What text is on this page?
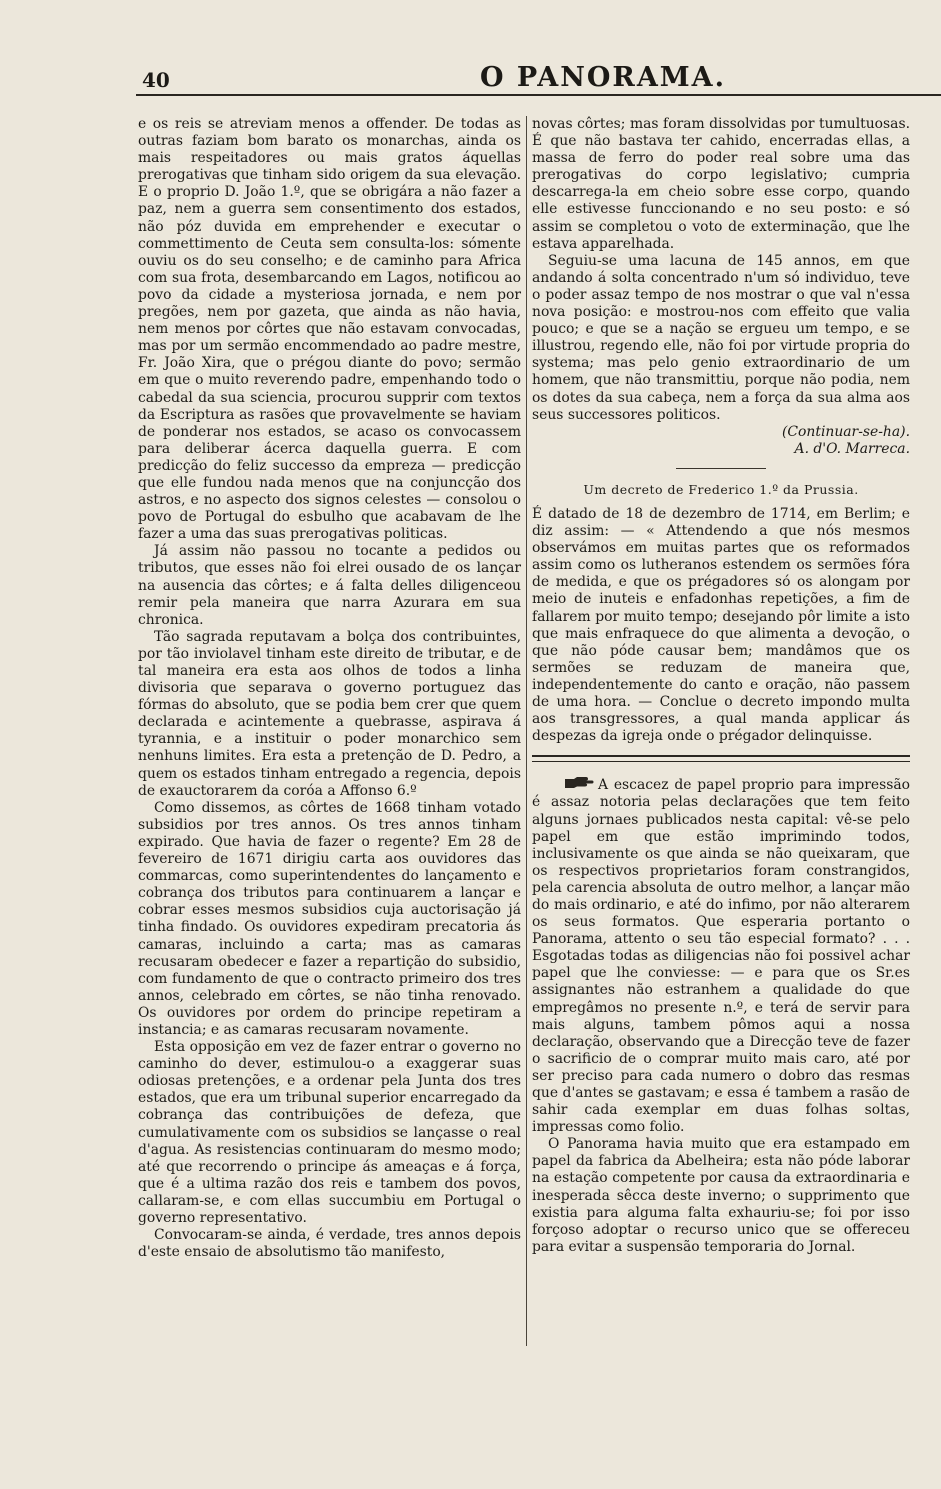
40	O PANORAMA.

e os reis se atreviam menos a offender. De todas as outras faziam bom barato os monarchas, ainda os mais respeitadores ou mais gratos áquellas prerogativas que tinham sido origem da sua elevação. E o proprio D. João 1.º, que se obrigára a não fazer a paz, nem a guerra sem consentimento dos estados, não póz duvida em emprehender e executar o commettimento de Ceuta sem consulta-los: sómente ouviu os do seu conselho; e de caminho para Africa com sua frota, desembarcando em Lagos, notificou ao povo da cidade a mysteriosa jornada, e nem por pregões, nem por gazeta, que ainda as não havia, nem menos por côrtes que não estavam convocadas, mas por um sermão encommendado ao padre mestre, Fr. João Xira, que o prégou diante do povo; sermão em que o muito reverendo padre, empenhando todo o cabedal da sua sciencia, procurou supprir com textos da Escriptura as rasões que provavelmente se haviam de ponderar nos estados, se acaso os convocassem para deliberar ácerca daquella guerra. E com predicção do feliz successo da empreza — predicção que elle fundou nada menos que na conjuncção dos astros, e no aspecto dos signos celestes — consolou o povo de Portugal do esbulho que acabavam de lhe fazer a uma das suas prerogativas politicas.

Já assim não passou no tocante a pedidos ou tributos, que esses não foi elrei ousado de os lançar na ausencia das côrtes; e á falta delles diligenceou remir pela maneira que narra Azurara em sua chronica.

Tão sagrada reputavam a bolça dos contribuintes, por tão inviolavel tinham este direito de tributar, e de tal maneira era esta aos olhos de todos a linha divisoria que separava o governo portuguez das fórmas do absoluto, que se podia bem crer que quem declarada e acintemente a quebrasse, aspirava á tyrannia, e a instituir o poder monarchico sem nenhuns limites. Era esta a pretenção de D. Pedro, a quem os estados tinham entregado a regencia, depois de exauctorarem da coróa a Affonso 6.º

Como dissemos, as côrtes de 1668 tinham votado subsidios por tres annos. Os tres annos tinham expirado. Que havia de fazer o regente? Em 28 de fevereiro de 1671 dirigiu carta aos ouvidores das commarcas, como superintendentes do lançamento e cobrança dos tributos para continuarem a lançar e cobrar esses mesmos subsidios cuja auctorisação já tinha findado. Os ouvidores expediram precatoria ás camaras, incluindo a carta; mas as camaras recusaram obedecer e fazer a repartição do subsidio, com fundamento de que o contracto primeiro dos tres annos, celebrado em côrtes, se não tinha renovado. Os ouvidores por ordem do principe repetiram a instancia; e as camaras recusaram novamente.

Esta opposição em vez de fazer entrar o governo no caminho do dever, estimulou-o a exaggerar suas odiosas pretenções, e a ordenar pela Junta dos tres estados, que era um tribunal superior encarregado da cobrança das contribuições de defeza, que cumulativamente com os subsidios se lançasse o real d'agua. As resistencias continuaram do mesmo modo; até que recorrendo o principe ás ameaças e á força, que é a ultima razão dos reis e tambem dos povos, callaram-se, e com ellas succumbiu em Portugal o governo representativo.

Convocaram-se ainda, é verdade, tres annos depois d'este ensaio de absolutismo tão manifesto,

novas côrtes; mas foram dissolvidas por tumultuosas. É que não bastava ter cahido, encerradas ellas, a massa de ferro do poder real sobre uma das prerogativas do corpo legislativo; cumpria descarrega-la em cheio sobre esse corpo, quando elle estivesse funccionando e no seu posto: e só assim se completou o voto de exterminação, que lhe estava apparelhada.

Seguiu-se uma lacuna de 145 annos, em que andando á solta concentrado n'um só individuo, teve o poder assaz tempo de nos mostrar o que val n'essa nova posição: e mostrou-nos com effeito que valia pouco; e que se a nação se ergueu um tempo, e se illustrou, regendo elle, não foi por virtude propria do systema; mas pelo genio extraordinario de um homem, que não transmittiu, porque não podia, nem os dotes da sua cabeça, nem a força da sua alma aos seus successores politicos.

(Continuar-se-ha).

A. d'O. Marreca.

Um decreto de Frederico 1.º da Prussia.

É datado de 18 de dezembro de 1714, em Berlim; e diz assim: — « Attendendo a que nós mesmos observámos em muitas partes que os reformados assim como os lutheranos estendem os sermões fóra de medida, e que os prégadores só os alongam por meio de inuteis e enfadonhas repetições, a fim de fallarem por muito tempo; desejando pôr limite a isto que mais enfraquece do que alimenta a devoção, o que não póde causar bem; mandâmos que os sermões se reduzam de maneira que, independentemente do canto e oração, não passem de uma hora. — Conclue o decreto impondo multa aos transgressores, a qual manda applicar ás despezas da igreja onde o prégador delinquisse.

A escacez de papel proprio para impressão é assaz notoria pelas declarações que tem feito alguns jornaes publicados nesta capital: vê-se pelo papel em que estão imprimindo todos, inclusivamente os que ainda se não queixaram, que os respectivos proprietarios foram constrangidos, pela carencia absoluta de outro melhor, a lançar mão do mais ordinario, e até do infimo, por não alterarem os seus formatos. Que esperaria portanto o Panorama, attento o seu tão especial formato? . . . Esgotadas todas as diligencias não foi possivel achar papel que lhe conviesse: — e para que os Sr.es assignantes não estranhem a qualidade do que empregâmos no presente n.º, e terá de servir para mais alguns, tambem pômos aqui a nossa declaração, observando que a Direcção teve de fazer o sacrificio de o comprar muito mais caro, até por ser preciso para cada numero o dobro das resmas que d'antes se gastavam; e essa é tambem a rasão de sahir cada exemplar em duas folhas soltas, impressas como folio.

O Panorama havia muito que era estampado em papel da fabrica da Abelheira; esta não póde laborar na estação competente por causa da extraordinaria e inesperada sêcca deste inverno; o supprimento que existia para alguma falta exhauriu-se; foi por isso forçoso adoptar o recurso unico que se offereceu para evitar a suspensão temporaria do Jornal.
